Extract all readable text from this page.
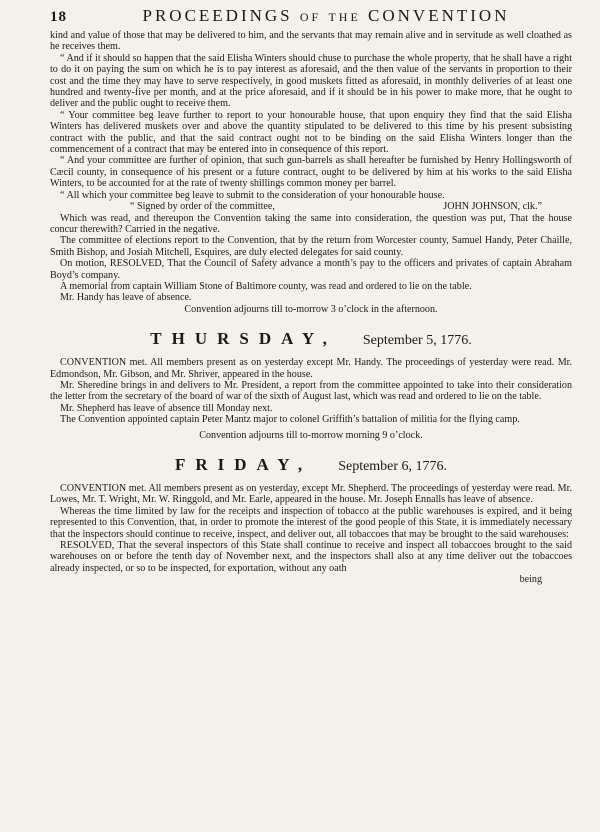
18	PROCEEDINGS of the CONVENTION

kind and value of those that may be delivered to him, and the servants that may remain alive and in servitude as well cloathed as he receives them.

“ And if it should so happen that the said Elisha Winters should chuse to purchase the whole property, that he shall have a right to do it on paying the sum on which he is to pay interest as aforesaid, and the then value of the servants in proportion to their cost and the time they may have to serve respectively, in good muskets fitted as aforesaid, in monthly deliveries of at least one hundred and twenty-five per month, and at the price aforesaid, and if it should be in his power to make more, that he ought to deliver and the public ought to receive them.

“ Your committee beg leave further to report to your honourable house, that upon enquiry they find that the said Elisha Winters has delivered muskets over and above the quantity stipulated to be delivered to this time by his present subsisting contract with the public, and that the said contract ought not to be binding on the said Elisha Winters longer than the commencement of a contract that may be entered into in consequence of this report.

“ And your committee are further of opinion, that such gun-barrels as shall hereafter be furnished by Henry Hollingsworth of Cæcil county, in consequence of his present or a future contract, ought to be delivered by him at his works to the said Elisha Winters, to be accounted for at the rate of twenty shillings common money per barrel.

“ All which your committee beg leave to submit to the consideration of your honourable house.

“ Signed by order of the committee,	JOHN JOHNSON, clk.”

Which was read, and thereupon the Convention taking the same into consideration, the question was put, That the house concur therewith? Carried in the negative.

The committee of elections report to the Convention, that by the return from Worcester county, Samuel Handy, Peter Chaille, Smith Bishop, and Josiah Mitchell, Esquires, are duly elected delegates for said county.

On motion, RESOLVED, That the Council of Safety advance a month’s pay to the officers and privates of captain Abraham Boyd’s company.

A memorial from captain William Stone of Baltimore county, was read and ordered to lie on the table.

Mr. Handy has leave of absence.

Convention adjourns till to-morrow 3 o’clock in the afternoon.

THURSDAY, September 5, 1776.

CONVENTION met. All members present as on yesterday except Mr. Handy. The proceedings of yesterday were read. Mr. Edmondson, Mr. Gibson, and Mr. Shriver, appeared in the house.

Mr. Sheredine brings in and delivers to Mr. President, a report from the committee appointed to take into their consideration the letter from the secretary of the board of war of the sixth of August last, which was read and ordered to lie on the table.

Mr. Shepherd has leave of absence till Monday next.

The Convention appointed captain Peter Mantz major to colonel Griffith’s battalion of militia for the flying camp.

Convention adjourns till to-morrow morning 9 o’clock.

FRIDAY, September 6, 1776.

CONVENTION met. All members present as on yesterday, except Mr. Shepherd. The proceedings of yesterday were read. Mr. Lowes, Mr. T. Wright, Mr. W. Ringgold, and Mr. Earle, appeared in the house. Mr. Joseph Ennalls has leave of absence.

Whereas the time limited by law for the receipts and inspection of tobacco at the public warehouses is expired, and it being represented to this Convention, that, in order to promote the interest of the good people of this State, it is immediately necessary that the inspectors should continue to receive, inspect, and deliver out, all tobaccoes that may be brought to the said warehouses:

RESOLVED, That the several inspectors of this State shall continue to receive and inspect all tobaccoes brought to the said warehouses on or before the tenth day of November next, and the inspectors shall also at any time deliver out the tobaccoes already inspected, or so to be inspected, for exportation, without any oath

being
